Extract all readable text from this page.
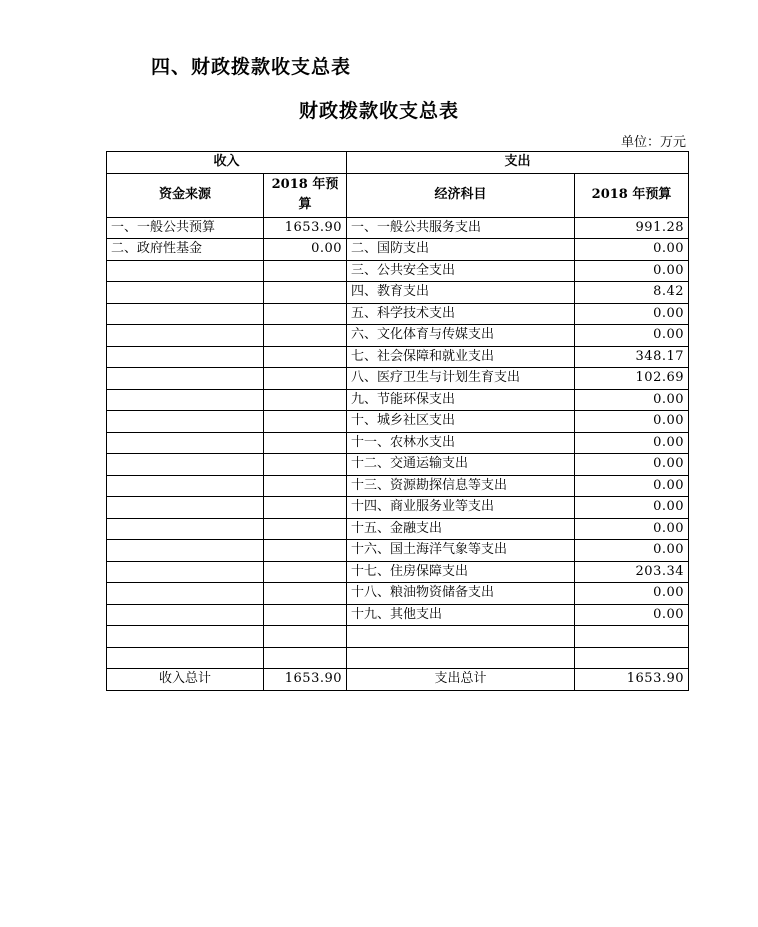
四、财政拨款收支总表
财政拨款收支总表
单位：万元
收入		支出	
资金来源	2018 年预算	经济科目	2018 年预算
一、一般公共预算	1653.90	一、一般公共服务支出	991.28
二、政府性基金	0.00	二、国防支出	0.00
		三、公共安全支出	0.00
		四、教育支出	8.42
		五、科学技术支出	0.00
		六、文化体育与传媒支出	0.00
		七、社会保障和就业支出	348.17
		八、医疗卫生与计划生育支出	102.69
		九、节能环保支出	0.00
		十、城乡社区支出	0.00
		十一、农林水支出	0.00
		十二、交通运输支出	0.00
		十三、资源勘探信息等支出	0.00
		十四、商业服务业等支出	0.00
		十五、金融支出	0.00
		十六、国土海洋气象等支出	0.00
		十七、住房保障支出	203.34
		十八、粮油物资储备支出	0.00
		十九、其他支出	0.00

收入总计	1653.90	支出总计	1653.90
